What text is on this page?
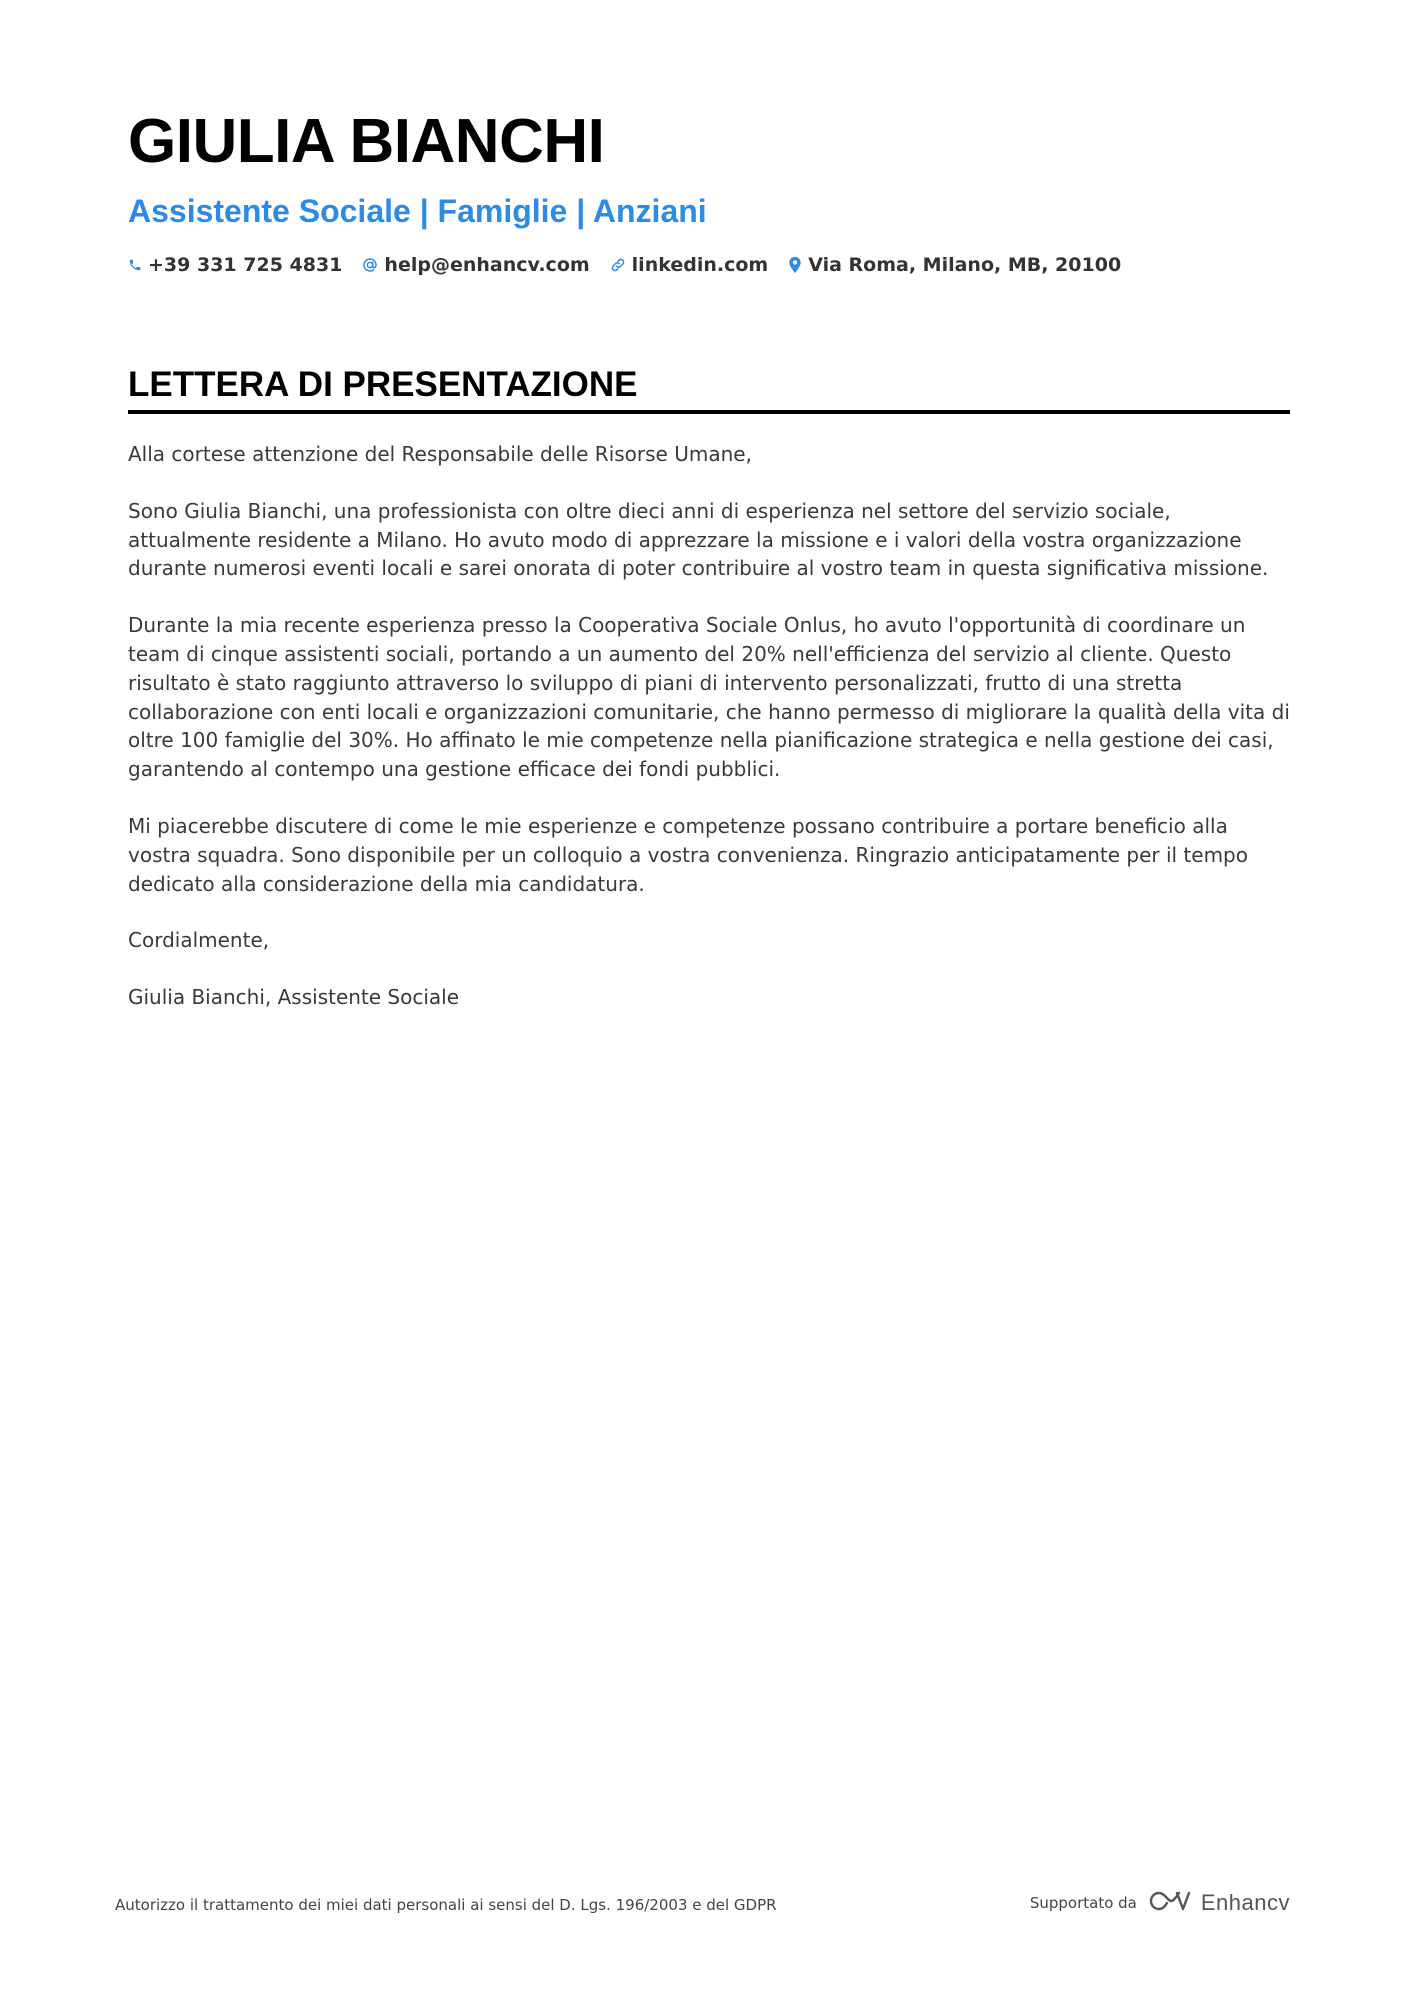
GIULIA BIANCHI
Assistente Sociale | Famiglie | Anziani
+39 331 725 4831 help@enhancv.com linkedin.com Via Roma, Milano, MB, 20100
LETTERA DI PRESENTAZIONE

Alla cortese attenzione del Responsabile delle Risorse Umane,

Sono Giulia Bianchi, una professionista con oltre dieci anni di esperienza nel settore del servizio sociale, attualmente residente a Milano. Ho avuto modo di apprezzare la missione e i valori della vostra organizzazione durante numerosi eventi locali e sarei onorata di poter contribuire al vostro team in questa significativa missione.

Durante la mia recente esperienza presso la Cooperativa Sociale Onlus, ho avuto l'opportunità di coordinare un team di cinque assistenti sociali, portando a un aumento del 20% nell'efficienza del servizio al cliente. Questo risultato è stato raggiunto attraverso lo sviluppo di piani di intervento personalizzati, frutto di una stretta collaborazione con enti locali e organizzazioni comunitarie, che hanno permesso di migliorare la qualità della vita di oltre 100 famiglie del 30%. Ho affinato le mie competenze nella pianificazione strategica e nella gestione dei casi, garantendo al contempo una gestione efficace dei fondi pubblici.

Mi piacerebbe discutere di come le mie esperienze e competenze possano contribuire a portare beneficio alla vostra squadra. Sono disponibile per un colloquio a vostra convenienza. Ringrazio anticipatamente per il tempo dedicato alla considerazione della mia candidatura.

Cordialmente,

Giulia Bianchi, Assistente Sociale

Autorizzo il trattamento dei miei dati personali ai sensi del D. Lgs. 196/2003 e del GDPR	Supportato da	Enhancv
